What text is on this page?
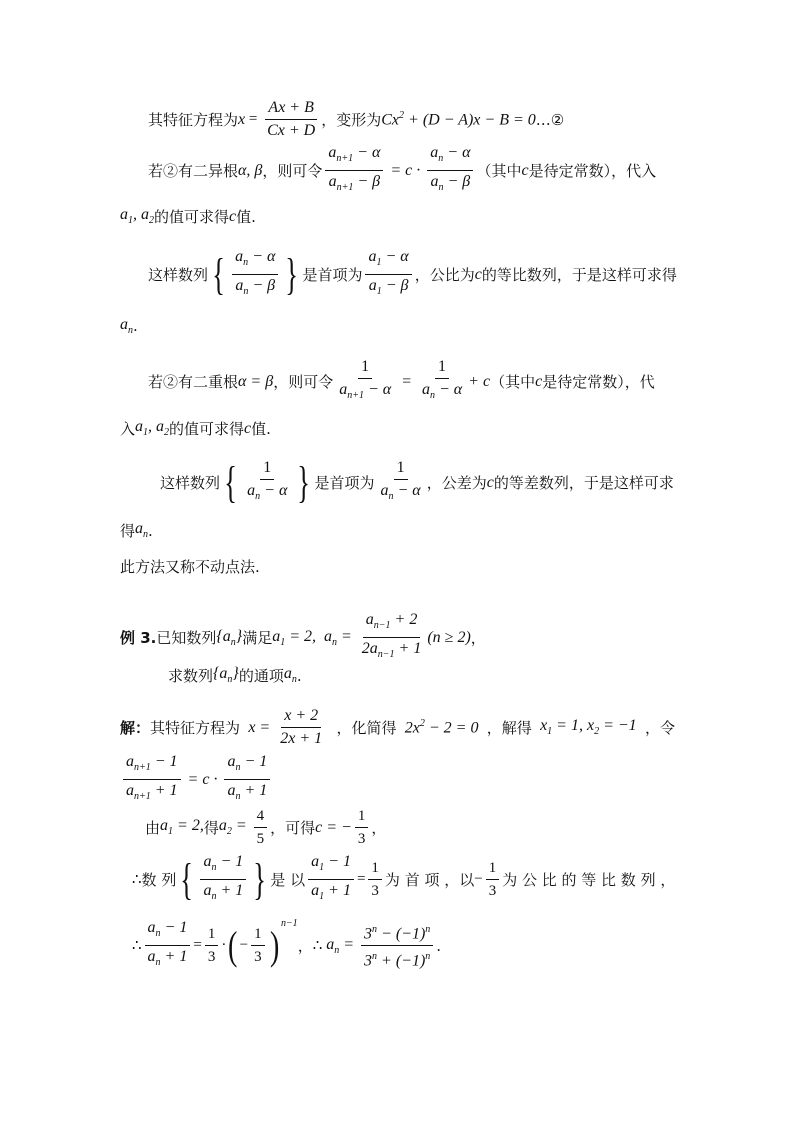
其特征方程为 $x = \frac{Ax + B}{Cx + D}$ ，变形为 $Cx^2 + (D - A)x - B = 0$ …②
若②有二异根 α, β ，则可令 $\frac{a_{n+1} - \alpha}{a_{n+1} - \beta} = c \cdot \frac{a_n - \alpha}{a_n - \beta}$ （其中 c 是待定常数），代入
$a_1$, $a_2$ 的值可求得 c 值.
这样数列 { $\frac{a_n - \alpha}{a_n - \beta}$ } 是首项为 $\frac{a_1 - \alpha}{a_1 - \beta}$ ，公比为 c 的等比数列，于是这样可求得
$a_n$ .
若②有二重根 α = β ，则可令 $\frac{1}{a_{n+1} - \alpha} = \frac{1}{a_n - \alpha} + c$ （其中 c 是待定常数），代
入 $a_1$, $a_2$ 的值可求得 c 值.
这样数列 { $\frac{1}{a_n - \alpha}$ } 是首项为 $\frac{1}{a_n - \alpha}$ ，公差为 c 的等差数列，于是这样可求
得 $a_n$ .
此方法又称不动点法.
例 3. 已知数列 $\{a_n\}$ 满足 $a_1 = 2$,  $a_n = \frac{a_{n-1} + 2}{2a_{n-1} + 1} (n \ge 2)$ ，
求数列 $\{a_n\}$ 的通项 $a_n$ .
解：其特征方程为 $x = \frac{x + 2}{2x + 1}$ ，化简得 $2x^2 - 2 = 0$ ，解得 $x_1 = 1$, $x_2 = -1$ ，令
$\frac{a_{n+1} - 1}{a_{n+1} + 1} = c \cdot \frac{a_n - 1}{a_n + 1}$
由 $a_1 = 2$, 得 $a_2 = \frac{4}{5}$ ，可得 c = − $\frac{1}{3}$ ，
∴ 数 列 { $\frac{a_n - 1}{a_n + 1}$ } 是 以 $\frac{a_1 - 1}{a_1 + 1} = \frac{1}{3}$ 为 首 项 ，以 − $\frac{1}{3}$ 为 公 比 的 等 比 数 列 ，
∴ $\frac{a_n - 1}{a_n + 1} = \frac{1}{3}$ · ( − $\frac{1}{3}$ ) n−1
， ∴ $a_n = \frac{3^n - (-1)^n}{3^n + (-1)^n}$ .
